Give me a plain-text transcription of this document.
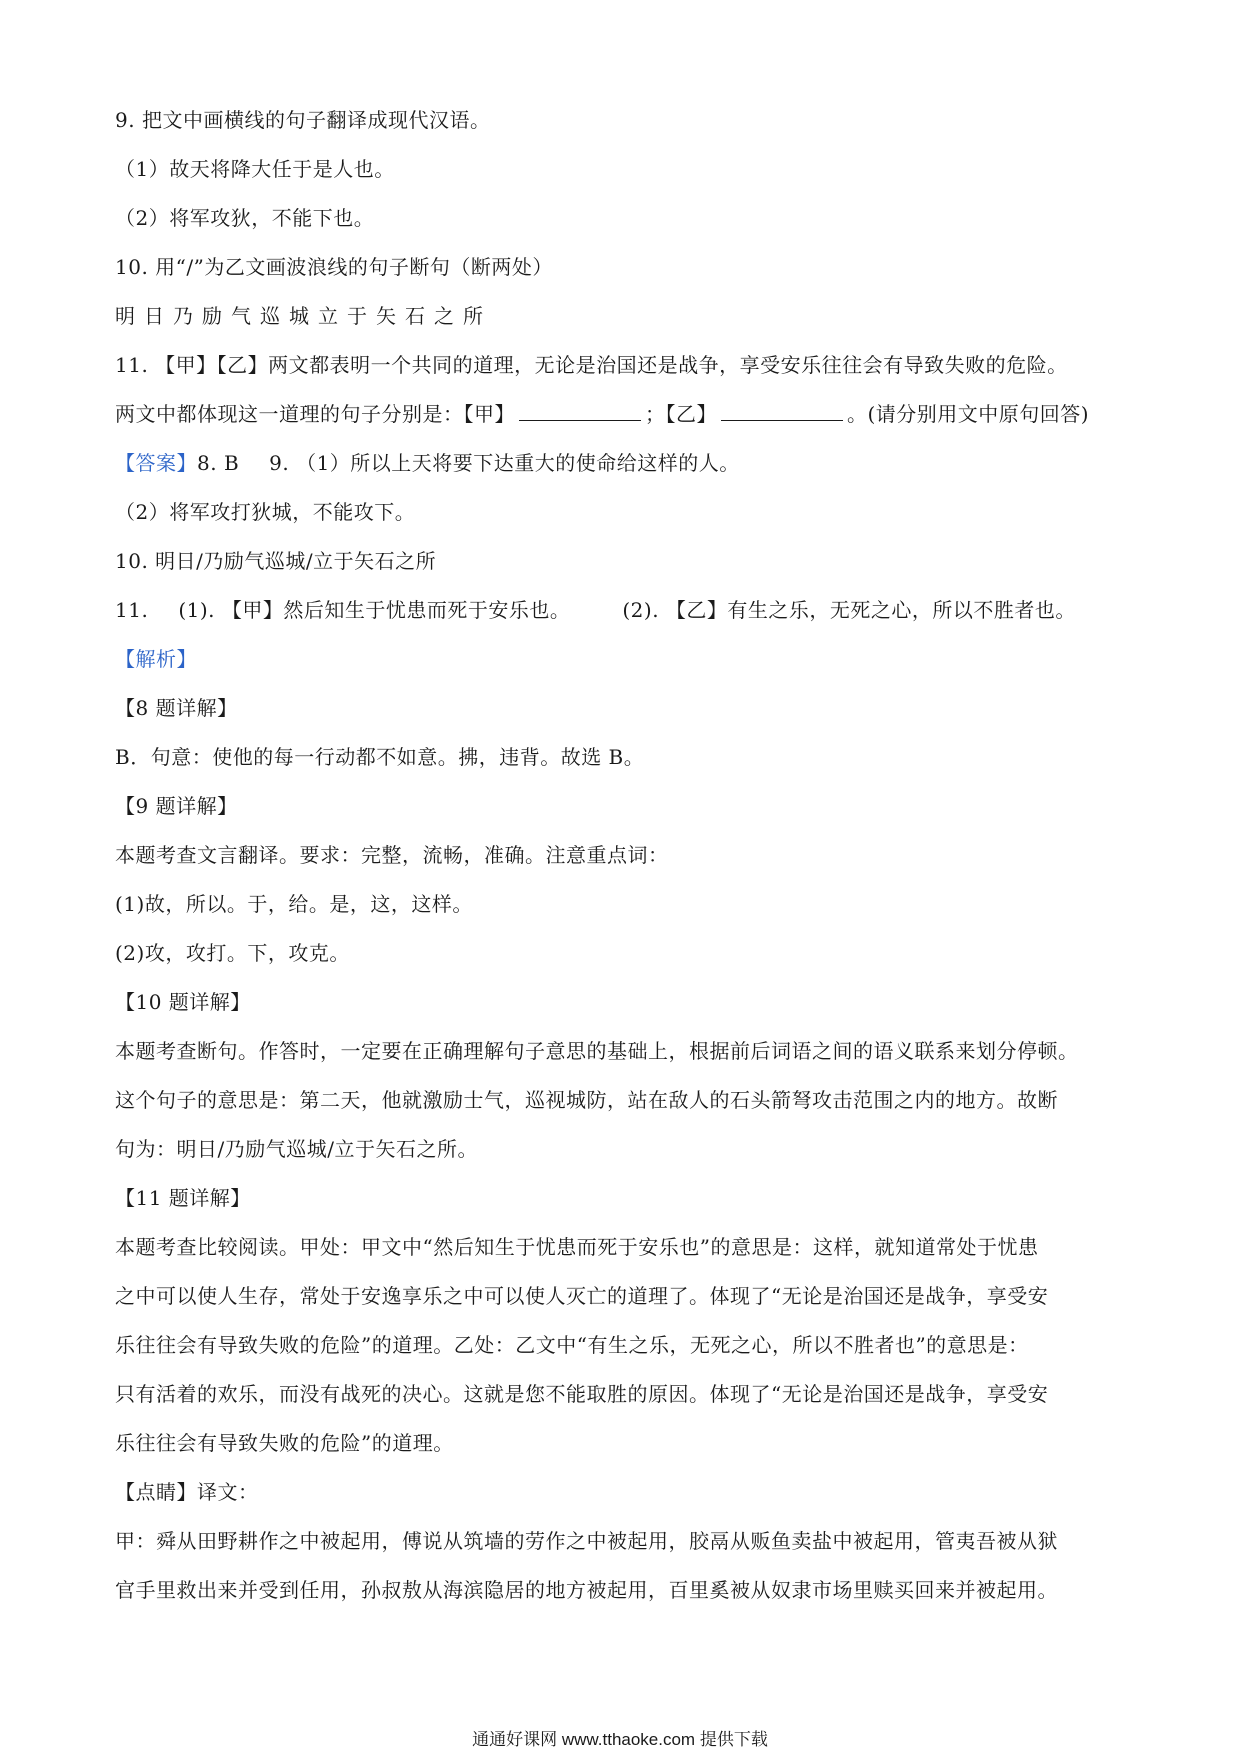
9. 把文中画横线的句子翻译成现代汉语。
（1）故天将降大任于是人也。
（2）将军攻狄，不能下也。
10. 用“/”为乙文画波浪线的句子断句（断两处）
明日乃励气巡城立于矢石之所
11. 【甲】【乙】两文都表明一个共同的道理，无论是治国还是战争，享受安乐往往会有导致失败的危险。
两文中都体现这一道理的句子分别是：【甲】	；【乙】	。(请分别用文中原句回答)
【答案】8. B 9. （1）所以上天将要下达重大的使命给这样的人。
（2）将军攻打狄城，不能攻下。
10. 明日/乃励气巡城/立于矢石之所
11. (1). 【甲】然后知生于忧患而死于安乐也。	(2). 【乙】有生之乐，无死之心，所以不胜者也。
【解析】
【8 题详解】
B．句意：使他的每一行动都不如意。拂，违背。故选 B。
【9 题详解】
本题考查文言翻译。要求：完整，流畅，准确。注意重点词：
(1)故，所以。于，给。是，这，这样。
(2)攻，攻打。下，攻克。
【10 题详解】
本题考查断句。作答时，一定要在正确理解句子意思的基础上，根据前后词语之间的语义联系来划分停顿。
这个句子的意思是：第二天，他就激励士气，巡视城防，站在敌人的石头箭弩攻击范围之内的地方。故断
句为：明日/乃励气巡城/立于矢石之所。
【11 题详解】
本题考查比较阅读。甲处：甲文中“然后知生于忧患而死于安乐也”的意思是：这样，就知道常处于忧患
之中可以使人生存，常处于安逸享乐之中可以使人灭亡的道理了。体现了“无论是治国还是战争，享受安
乐往往会有导致失败的危险”的道理。乙处：乙文中“有生之乐，无死之心，所以不胜者也”的意思是：
只有活着的欢乐，而没有战死的决心。这就是您不能取胜的原因。体现了“无论是治国还是战争，享受安
乐往往会有导致失败的危险”的道理。
【点睛】译文：
甲：舜从田野耕作之中被起用，傅说从筑墙的劳作之中被起用，胶鬲从贩鱼卖盐中被起用，管夷吾被从狱
官手里救出来并受到任用，孙叔敖从海滨隐居的地方被起用，百里奚被从奴隶市场里赎买回来并被起用。
通通好课网 www.tthaoke.com 提供下载
